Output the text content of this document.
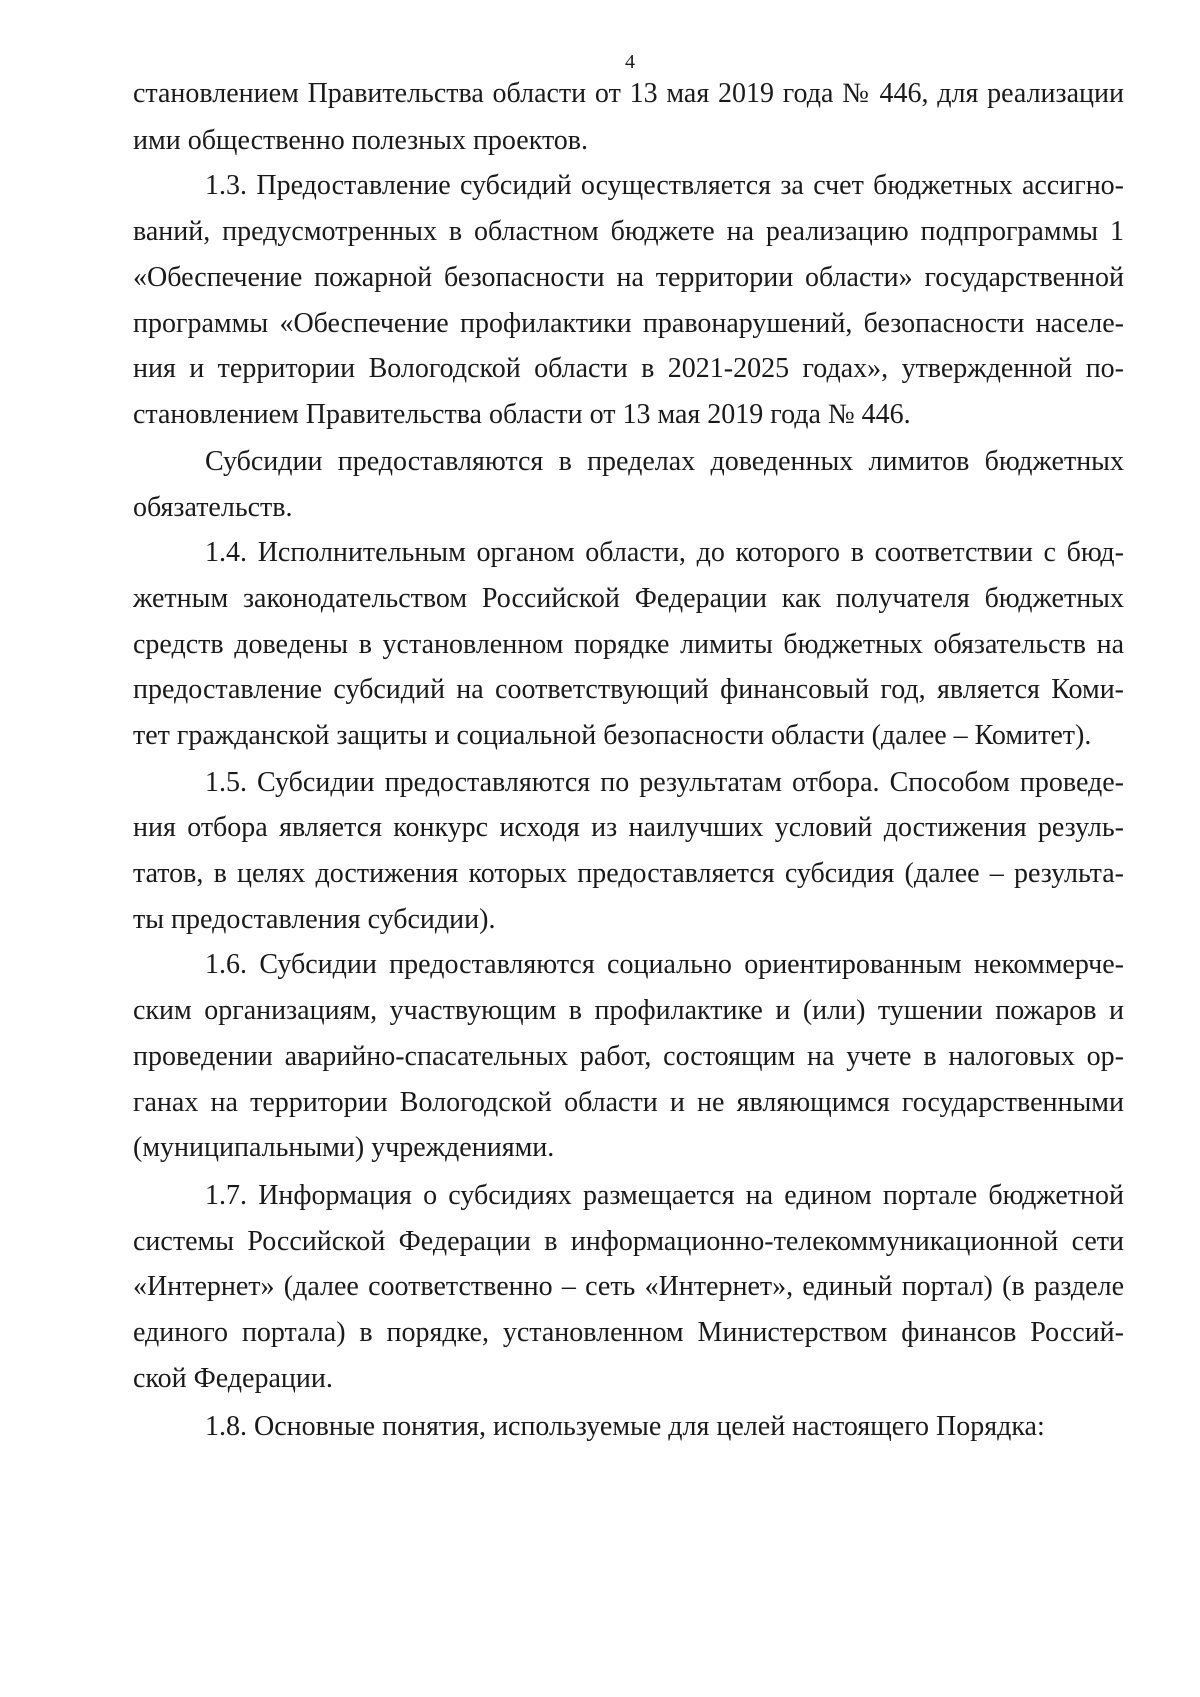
4
становлением Правительства области от 13 мая 2019 года № 446, для реализации
ими общественно полезных проектов.
1.3. Предоставление субсидий осуществляется за счет бюджетных ассигно-
ваний, предусмотренных в областном бюджете на реализацию подпрограммы 1
«Обеспечение пожарной безопасности на территории области» государственной
программы «Обеспечение профилактики правонарушений, безопасности населе-
ния и территории Вологодской области в 2021-2025 годах», утвержденной по-
становлением Правительства области от 13 мая 2019 года № 446.
Субсидии предоставляются в пределах доведенных лимитов бюджетных
обязательств.
1.4. Исполнительным органом области, до которого в соответствии с бюд-
жетным законодательством Российской Федерации как получателя бюджетных
средств доведены в установленном порядке лимиты бюджетных обязательств на
предоставление субсидий на соответствующий финансовый год, является Коми-
тет гражданской защиты и социальной безопасности области (далее – Комитет).
1.5. Субсидии предоставляются по результатам отбора. Способом проведе-
ния отбора является конкурс исходя из наилучших условий достижения резуль-
татов, в целях достижения которых предоставляется субсидия (далее – результа-
ты предоставления субсидии).
1.6. Субсидии предоставляются социально ориентированным некоммерче-
ским организациям, участвующим в профилактике и (или) тушении пожаров и
проведении аварийно-спасательных работ, состоящим на учете в налоговых ор-
ганах на территории Вологодской области и не являющимся государственными
(муниципальными) учреждениями.
1.7. Информация о субсидиях размещается на едином портале бюджетной
системы Российской Федерации в информационно-телекоммуникационной сети
«Интернет» (далее соответственно – сеть «Интернет», единый портал) (в разделе
единого портала) в порядке, установленном Министерством финансов Россий-
ской Федерации.
1.8. Основные понятия, используемые для целей настоящего Порядка:
